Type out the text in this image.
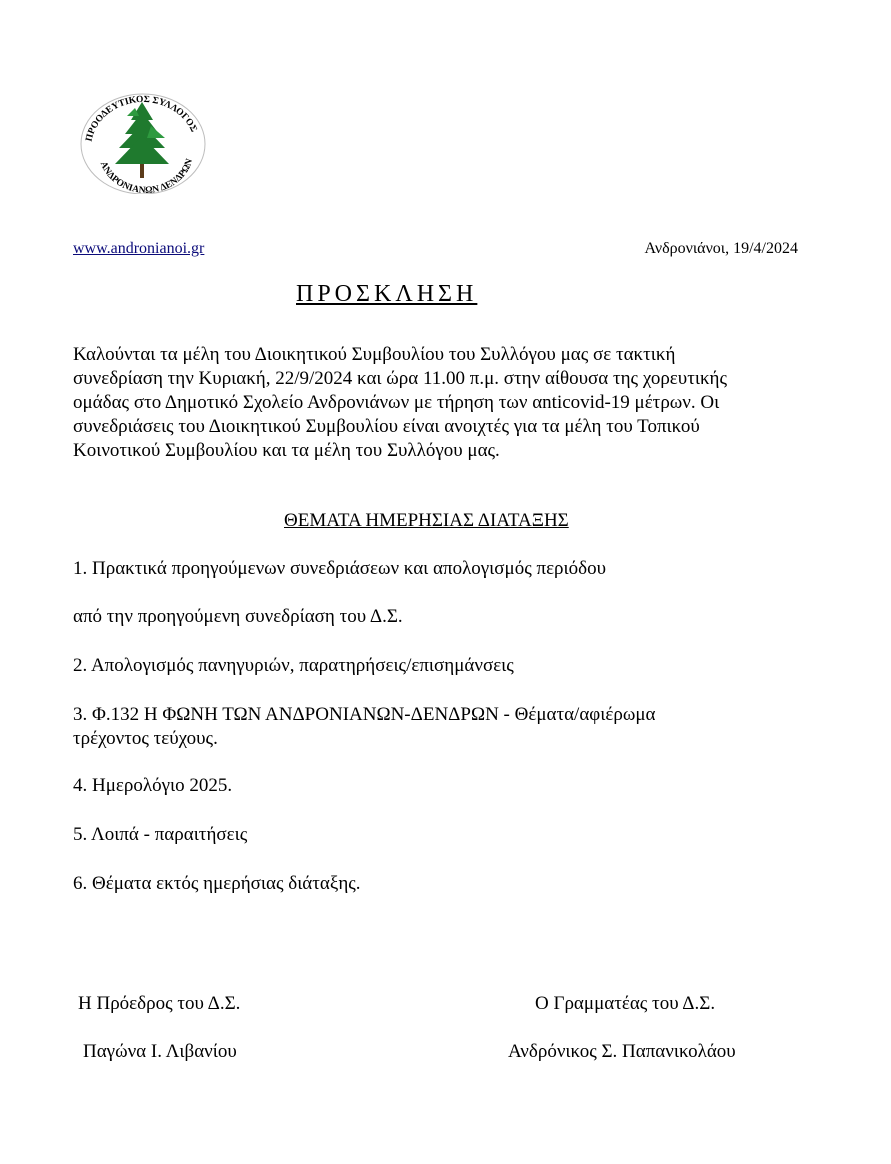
ΠΡΟΟΔΕΥΤΙΚΟΣ ΣΥΛΛΟΓΟΣ
ΑΝΔΡΟΝΙΑΝΩΝ ΔΕΝΔΡΩΝ
www.andronianoi.gr	Ανδρονιάνοι, 19/4/2024
ΠΡΟΣΚΛΗΣΗ
Καλούνται τα μέλη του Διοικητικού Συμβουλίου του Συλλόγου μας σε τακτική
συνεδρίαση την Κυριακή, 22/9/2024 και ώρα 11.00 π.μ. στην αίθουσα της χορευτικής
ομάδας στο Δημοτικό Σχολείο Ανδρονιάνων με τήρηση των αnticovid-19 μέτρων. Οι
συνεδριάσεις του Διοικητικού Συμβουλίου είναι ανοιχτές για τα μέλη του Τοπικού
Κοινοτικού Συμβουλίου και τα μέλη του Συλλόγου μας.
ΘΕΜΑΤΑ ΗΜΕΡΗΣΙΑΣ ΔΙΑΤΑΞΗΣ
1. Πρακτικά προηγούμενων συνεδριάσεων και απολογισμός περιόδου
από την προηγούμενη συνεδρίαση του Δ.Σ.
2. Απολογισμός πανηγυριών, παρατηρήσεις/επισημάνσεις
3. Φ.132 Η ΦΩΝΗ ΤΩΝ ΑΝΔΡΟΝΙΑΝΩΝ-ΔΕΝΔΡΩΝ - Θέματα/αφιέρωμα
τρέχοντος τεύχους.
4. Ημερολόγιο 2025.
5. Λοιπά - παραιτήσεις
6. Θέματα εκτός ημερήσιας διάταξης.
Η Πρόεδρος του Δ.Σ.	Ο Γραμματέας του Δ.Σ.
Παγώνα Ι. Λιβανίου	Ανδρόνικος Σ. Παπανικολάου
